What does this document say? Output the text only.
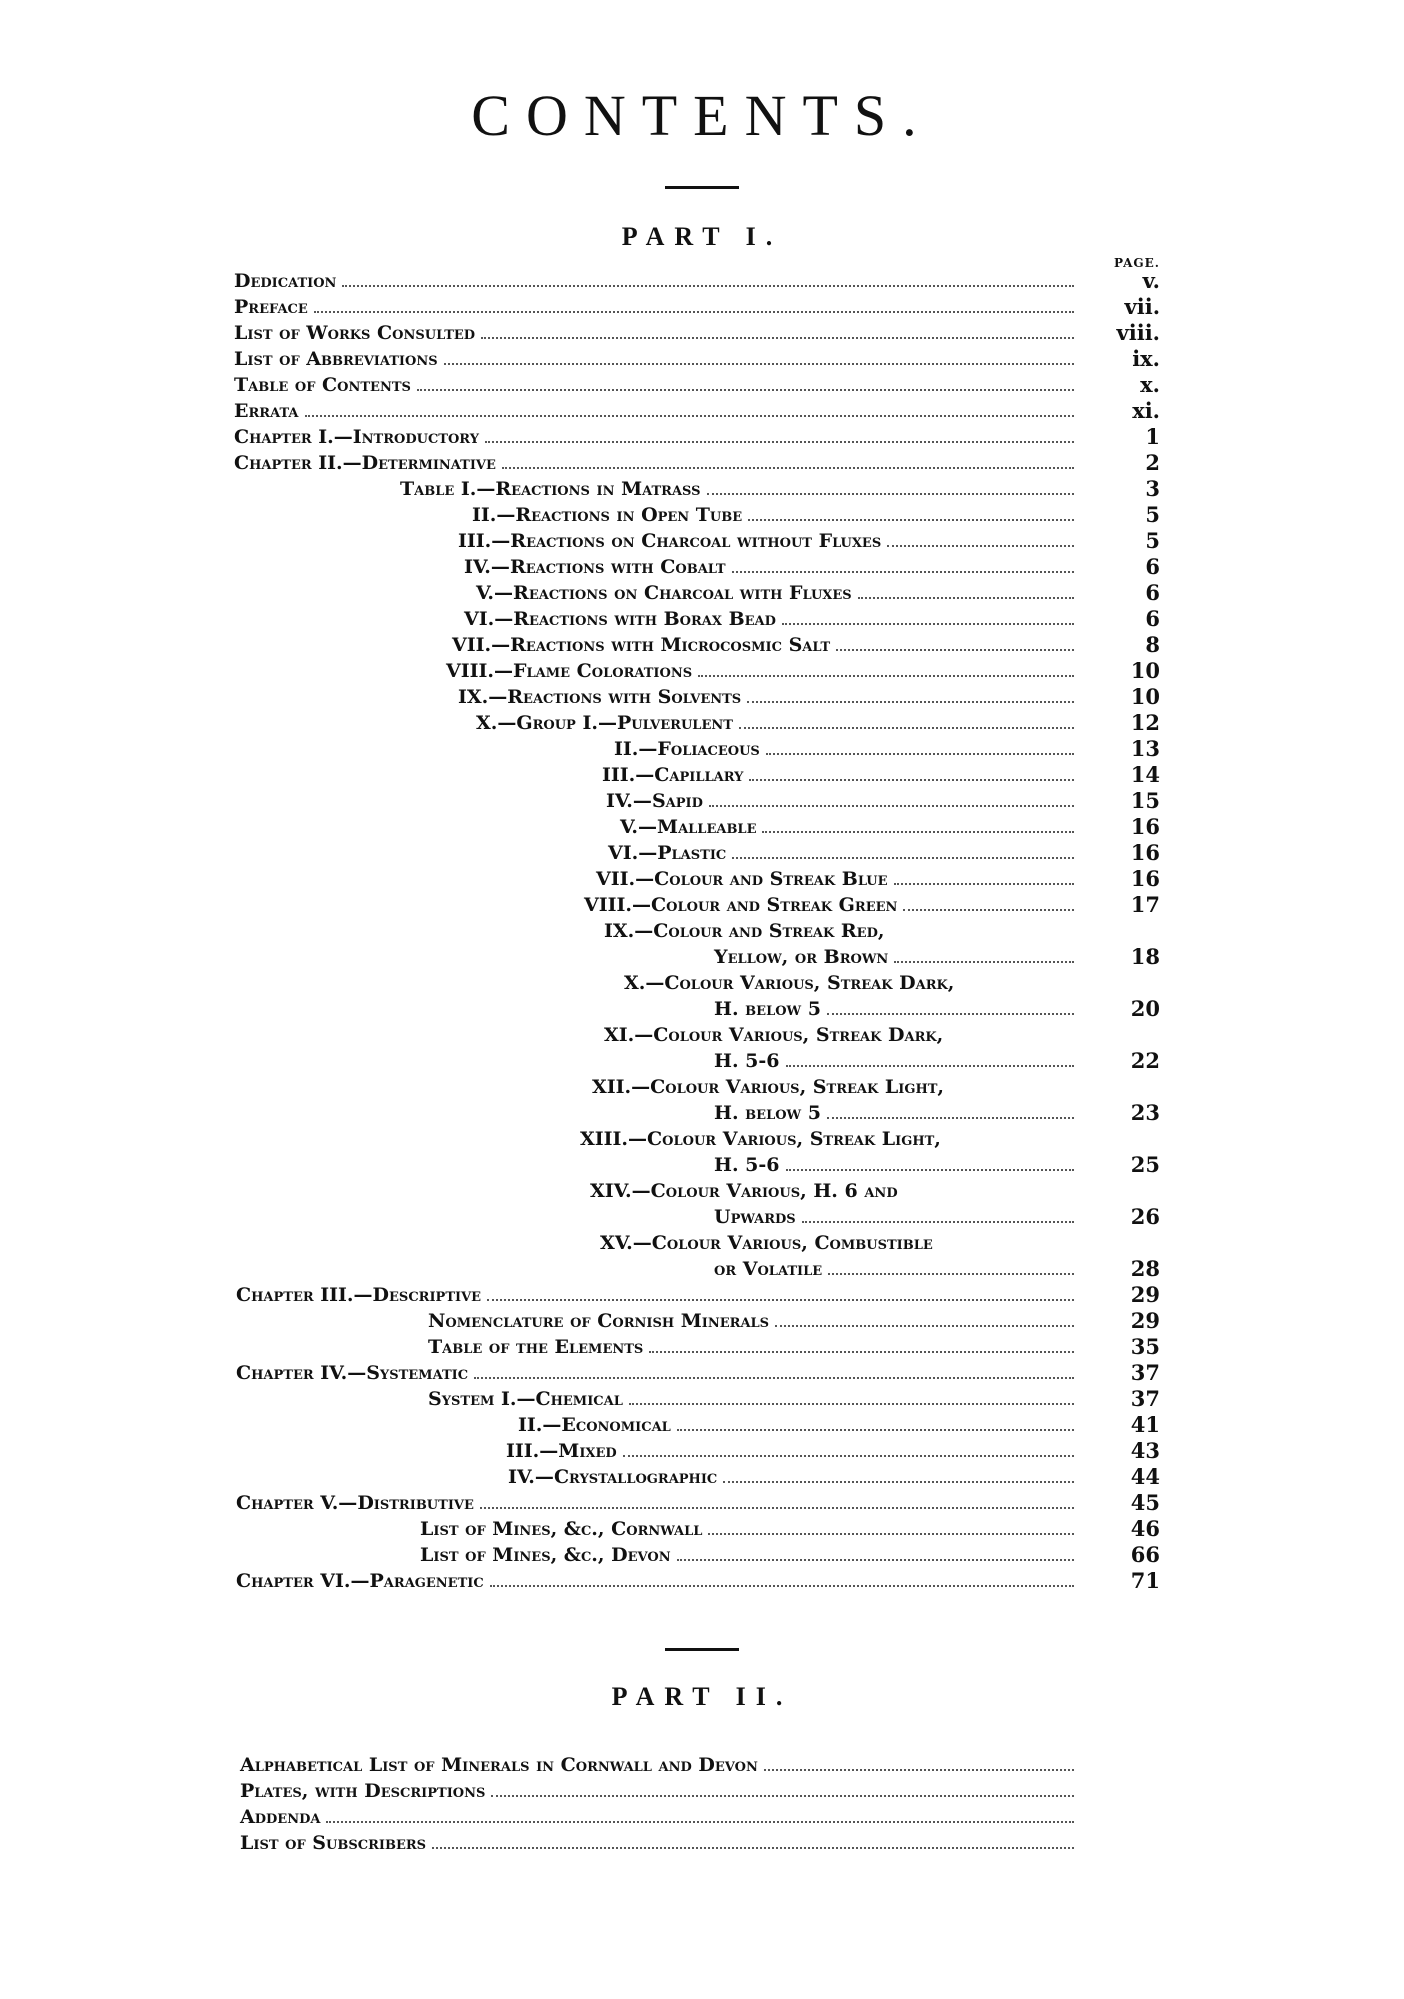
CONTENTS.
PART I.
PAGE.
Dedication	v.
Preface	vii.
List of Works Consulted	viii.
List of Abbreviations	ix.
Table of Contents	x.
Errata	xi.
Chapter I.— Introductory	1
Chapter II.— Determinative	2
Table I.— Reactions in Matrass	3
II.— Reactions in Open Tube	5
III.— Reactions on Charcoal without Fluxes	5
IV.— Reactions with Cobalt	6
V.— Reactions on Charcoal with Fluxes	6
VI.— Reactions with Borax Bead	6
VII.— Reactions with Microcosmic Salt	8
VIII.— Flame Colorations	10
IX.— Reactions with Solvents	10
X.— Group I.—Pulverulent	12
II.— Foliaceous	13
III.— Capillary	14
IV.— Sapid	15
V.— Malleable	16
VI.— Plastic	16
VII.— Colour and Streak Blue	16
VIII.— Colour and Streak Green	17
IX.— Colour and Streak Red,
Yellow, or Brown	18
X.— Colour Various, Streak Dark,
H. below 5	20
XI.— Colour Various, Streak Dark,
H. 5-6	22
XII.— Colour Various, Streak Light,
H. below 5	23
XIII.— Colour Various, Streak Light,
H. 5-6	25
XIV.— Colour Various, H. 6 and
Upwards	26
XV.— Colour Various, Combustible
or Volatile	28
Chapter III.— Descriptive	29
Nomenclature of Cornish Minerals	29
Table of the Elements	35
Chapter IV.— Systematic	37
System I.— Chemical	37
II.— Economical	41
III.— Mixed	43
IV.— Crystallographic	44
Chapter V.— Distributive	45
List of Mines, &c., Cornwall	46
List of Mines, &c., Devon	66
Chapter VI.— Paragenetic	71
PART II.
Alphabetical List of Minerals in Cornwall and Devon
Plates, with Descriptions
Addenda
List of Subscribers
